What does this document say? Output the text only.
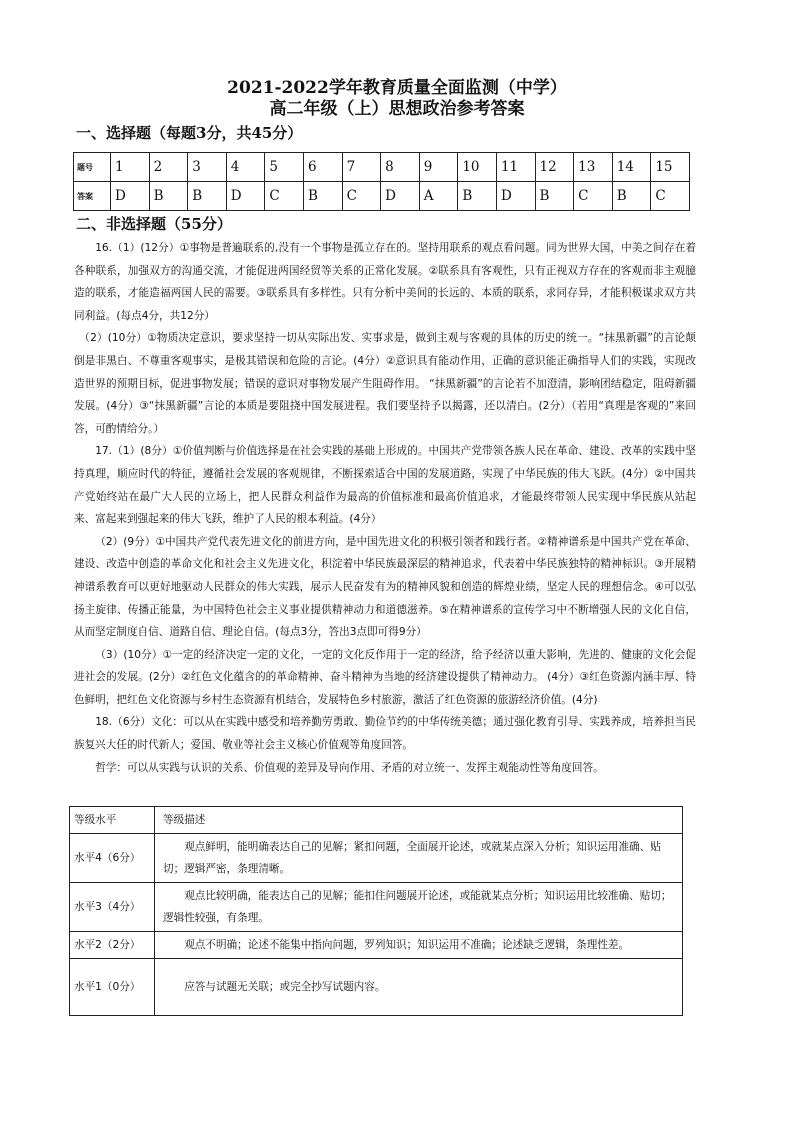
2021-2022学年教育质量全面监测（中学）
高二年级（上）思想政治参考答案
一、选择题（每题3分，共45分）
题号	1	2	3	4	5	6	7	8	9	10	11	12	13	14	15
答案	D	B	B	D	C	B	C	D	A	B	D	B	C	B	C
二、非选择题（55分）

16.（1）(12分）①事物是普遍联系的,没有一个事物是孤立存在的。坚持用联系的观点看问题。同为世界大国，中美之间存在着各种联系，加强双方的沟通交流，才能促进两国经贸等关系的正常化发展。②联系具有客观性，只有正视双方存在的客观而非主观臆造的联系，才能造福两国人民的需要。③联系具有多样性。只有分析中美间的长远的、本质的联系，求同存异，才能积极谋求双方共同利益。(每点4分，共12分）

（2）(10分）①物质决定意识，要求坚持一切从实际出发、实事求是，做到主观与客观的具体的历史的统一。“抹黑新疆”的言论颠倒是非黑白、不尊重客观事实，是极其错误和危险的言论。(4分）②意识具有能动作用，正确的意识能正确指导人们的实践，实现改造世界的预期目标，促进事物发展；错误的意识对事物发展产生阻碍作用。 “抹黑新疆”的言论若不加澄清，影响团结稳定，阻碍新疆发展。(4分）③“抹黑新疆”言论的本质是要阻挠中国发展进程。我们要坚持予以揭露，还以清白。(2分）（若用“真理是客观的”来回答，可酌情给分。）

17.（1）(8分）①价值判断与价值选择是在社会实践的基础上形成的。中国共产党带领各族人民在革命、建设、改革的实践中坚持真理，顺应时代的特征，遵循社会发展的客观规律，不断探索适合中国的发展道路，实现了中华民族的伟大飞跃。(4分）②中国共产党始终站在最广大人民的立场上，把人民群众利益作为最高的价值标准和最高价值追求，才能最终带领人民实现中华民族从站起来、富起来到强起来的伟大飞跃，维护了人民的根本利益。(4分）

（2）(9分）①中国共产党代表先进文化的前进方向，是中国先进文化的积极引领者和践行者。②精神谱系是中国共产党在革命、建设、改造中创造的革命文化和社会主义先进文化，积淀着中华民族最深层的精神追求，代表着中华民族独特的精神标识。③开展精神谱系教育可以更好地驱动人民群众的伟大实践，展示人民奋发有为的精神风貌和创造的辉煌业绩，坚定人民的理想信念。④可以弘扬主旋律、传播正能量，为中国特色社会主义事业提供精神动力和道德滋养。⑤在精神谱系的宣传学习中不断增强人民的文化自信，从而坚定制度自信、道路自信、理论自信。(每点3分，答出3点即可得9分）

（3）(10分）①一定的经济决定一定的文化，一定的文化反作用于一定的经济，给予经济以重大影响，先进的、健康的文化会促进社会的发展。(2分）②红色文化蕴含的的革命精神、奋斗精神为当地的经济建设提供了精神动力。 (4分）③红色资源内涵丰厚、特色鲜明，把红色文化资源与乡村生态资源有机结合，发展特色乡村旅游，激活了红色资源的旅游经济价值。(4分)

18.（6分）文化：可以从在实践中感受和培养勤劳勇敢、勤俭节约的中华传统美德；通过强化教育引导、实践养成，培养担当民族复兴大任的时代新人；爱国、敬业等社会主义核心价值观等角度回答。

哲学：可以从实践与认识的关系、价值观的差异及导向作用、矛盾的对立统一、发挥主观能动性等角度回答。

等级水平	等级描述
水平4（6分）	观点鲜明，能明确表达自己的见解；紧扣问题，全面展开论述，或就某点深入分析；知识运用准确、贴切；逻辑严密，条理清晰。
水平3（4分）	观点比较明确，能表达自己的见解；能扣住问题展开论述，或能就某点分析；知识运用比较准确、贴切；逻辑性较强，有条理。
水平2（2分）	观点不明确；论述不能集中指向问题，罗列知识；知识运用不准确；论述缺乏逻辑，条理性差。
水平1（0分）	应答与试题无关联；或完全抄写试题内容。
